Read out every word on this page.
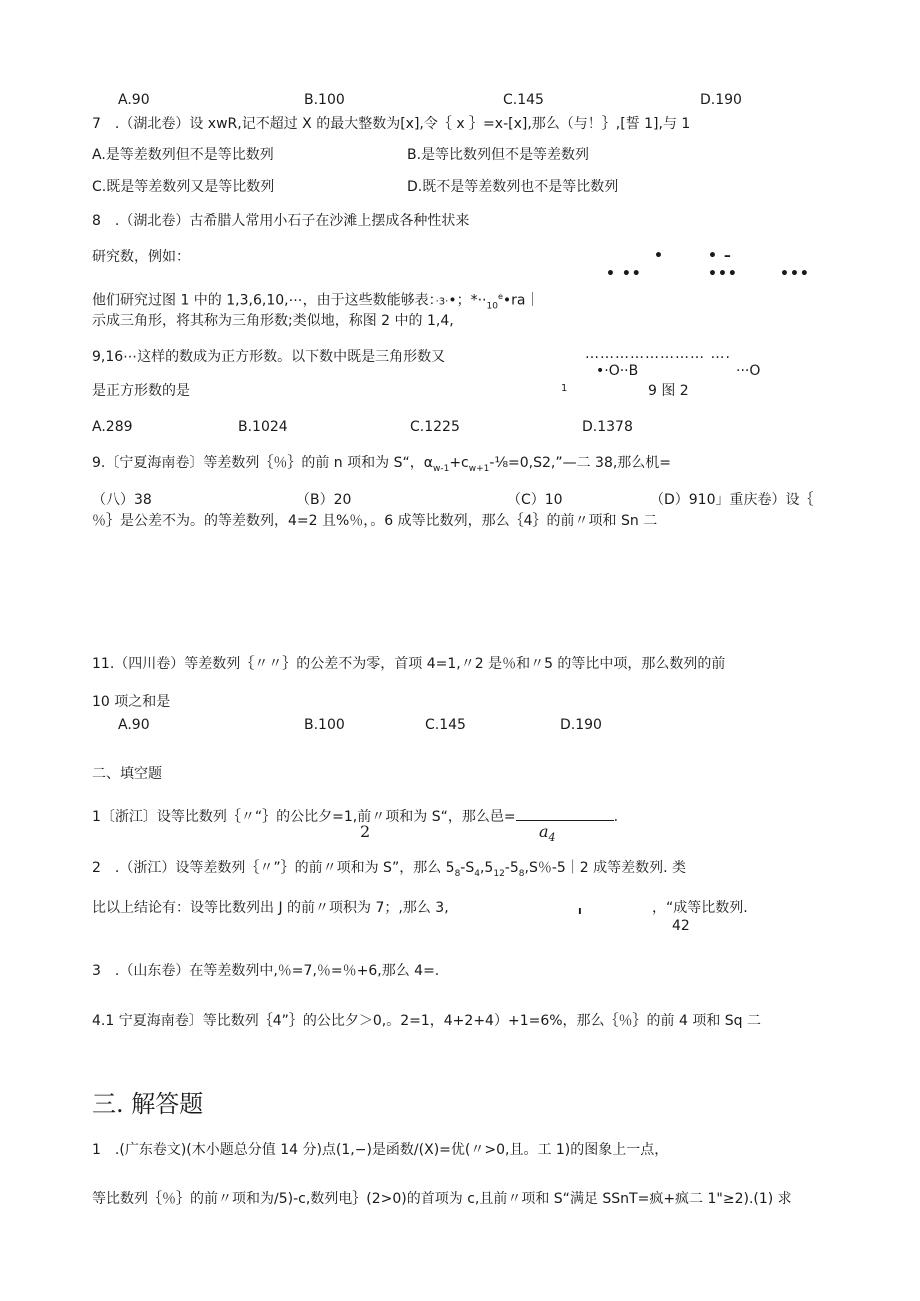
A.90	B.100	C.145	D.190
7　.（湖北卷）设 xwR,记不超过 X 的最大整数为[x],令｛ x ｝=x-[x],那么（与！｝,[誓 1],与 1
A.是等差数列但不是等比数列	B.是等比数列但不是等差数列
C.既是等差数列又是等比数列	D.既不是等差数列也不是等比数列
8　.（湖北卷）古希腊人常用小石子在沙滩上摆成各种性状来
研究数，例如：	•	• –
• ••	•••	•••
他们研究过图 1 中的 1,3,6,10,⋯，由于这些数能够表：·3·•；$*\cdot\cdot_{10}^e•ra|$
示成三角形，将其称为三角形数;类似地，称图 2 中的 1,4,
9,16⋯这样的数成为正方形数。以下数中既是三角形数又	…………………… ….
•·O··B	···O
是正方形数的是	1	9 图 2
A.289	B.1024	C.1225	D.1378
9.〔宁夏海南卷〕等差数列｛％｝的前 n 项和为 S“，$\alpha_{w-1}+c_{w+1}-\frac{1}{8}=0,S2,”—$二 38,那么机=
（八）38	（B）20	（C）10	（D）910」重庆卷）设｛
％｝是公差不为。的等差数列，4=2 且%％，。6 成等比数列，那么｛4｝的前〃项和 Sn 二
11.（四川卷）等差数列｛〃〃｝的公差不为零，首项 4=1,〃2 是％和〃5 的等比中项，那么数列的前
10 项之和是
A.90	B.100	C.145	D.190
二、填空题
1〔浙江〕设等比数列｛〃“｝的公比夕=1,前〃项和为 S“，那么邑=	.
2	$a_4$
2　.（浙江）设等差数列｛〃”｝的前〃项和为 S”，那么 $5_8-S_4,5_{12}-5_8,S$％-5｜2 成等差数列. 类
比以上结论有：设等比数列出 J 的前〃项积为 7；,那么 3,	ı	，“成等比数列.
42
3　.（山东卷）在等差数列中,％=7,％=％+6,那么 4=.
4.1 宁夏海南卷〕等比数列｛4”｝的公比夕＞0,。2=1，4+2+4）+1=6%，那么｛％｝的前 4 项和 Sq 二
三. 解答题
1　.(广东卷文)(木小题总分值 14 分)点(1,−)是函数/(X)=优(〃>0,且。工 1)的图象上一点，
等比数列｛％｝的前〃项和为∕5)-c,数列电｝(2>0)的首项为 c,且前〃项和 S“满足 SSnT=疯+疯二 1"≥2).(1) 求
